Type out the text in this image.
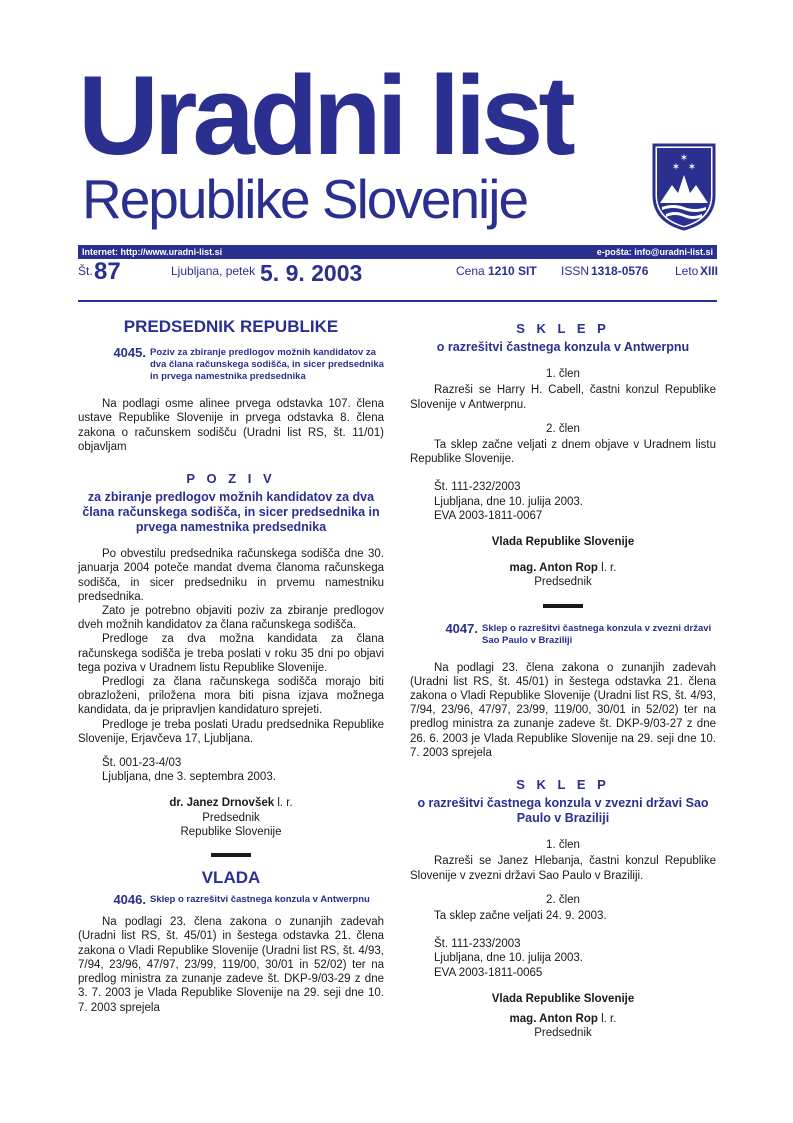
Uradni list
Republike Slovenije
✶
✶ ✶
Internet: http://www.uradni-list.si	e-pošta: info@uradni-list.si
Št. 87	Ljubljana, petek 5. 9. 2003	Cena 1210 SIT ISSN 1318-0576 Leto XIII
PREDSEDNIK REPUBLIKE
4045. Poziv za zbiranje predlogov možnih kandidatov za dva člana računskega sodišča, in sicer predsednika in prvega namestnika predsednika

Na podlagi osme alinee prvega odstavka 107. člena ustave Republike Slovenije in prvega odstavka 8. člena zakona o računskem sodišču (Uradni list RS, št. 11/01) objavljam

P O Z I V
za zbiranje predlogov možnih kandidatov za dva člana računskega sodišča, in sicer predsednika in prvega namestnika predsednika

Po obvestilu predsednika računskega sodišča dne 30. januarja 2004 poteče mandat dvema članoma računskega sodišča, in sicer predsedniku in prvemu namestniku predsednika.

Zato je potrebno objaviti poziv za zbiranje predlogov dveh možnih kandidatov za člana računskega sodišča.

Predloge za dva možna kandidata za člana računskega sodišča je treba poslati v roku 35 dni po objavi tega poziva v Uradnem listu Republike Slovenije.

Predlogi za člana računskega sodišča morajo biti obrazloženi, priložena mora biti pisna izjava možnega kandidata, da je pripravljen kandidaturo sprejeti.

Predloge je treba poslati Uradu predsednika Republike Slovenije, Erjavčeva 17, Ljubljana.

Št. 001-23-4/03
Ljubljana, dne 3. septembra 2003.
dr. Janez Drnovšek l. r.
Predsednik
Republike Slovenije
VLADA
4046. Sklep o razrešitvi častnega konzula v Antwerpnu

Na podlagi 23. člena zakona o zunanjih zadevah (Uradni list RS, št. 45/01) in šestega odstavka 21. člena zakona o Vladi Republike Slovenije (Uradni list RS, št. 4/93, 7/94, 23/96, 47/97, 23/99, 119/00, 30/01 in 52/02) ter na predlog ministra za zunanje zadeve št. DKP-9/03-29 z dne 3. 7. 2003 je Vlada Republike Slovenije na 29. seji dne 10. 7. 2003 sprejela

S K L E P
o razrešitvi častnega konzula v Antwerpnu
1. člen

Razreši se Harry H. Cabell, častni konzul Republike Slovenije v Antwerpnu.

2. člen

Ta sklep začne veljati z dnem objave v Uradnem listu Republike Slovenije.

Št. 111-232/2003
Ljubljana, dne 10. julija 2003.
EVA 2003-1811-0067
Vlada Republike Slovenije
mag. Anton Rop l. r.
Predsednik
4047. Sklep o razrešitvi častnega konzula v zvezni državi Sao Paulo v Braziliji

Na podlagi 23. člena zakona o zunanjih zadevah (Uradni list RS, št. 45/01) in šestega odstavka 21. člena zakona o Vladi Republike Slovenije (Uradni list RS, št. 4/93, 7/94, 23/96, 47/97, 23/99, 119/00, 30/01 in 52/02) ter na predlog ministra za zunanje zadeve št. DKP-9/03-27 z dne 26. 6. 2003 je Vlada Republike Slovenije na 29. seji dne 10. 7. 2003 sprejela

S K L E P
o razrešitvi častnega konzula v zvezni državi Sao Paulo v Braziliji
1. člen

Razreši se Janez Hlebanja, častni konzul Republike Slovenije v zvezni državi Sao Paulo v Braziliji.

2. člen

Ta sklep začne veljati 24. 9. 2003.

Št. 111-233/2003
Ljubljana, dne 10. julija 2003.
EVA 2003-1811-0065
Vlada Republike Slovenije
mag. Anton Rop l. r.
Predsednik
